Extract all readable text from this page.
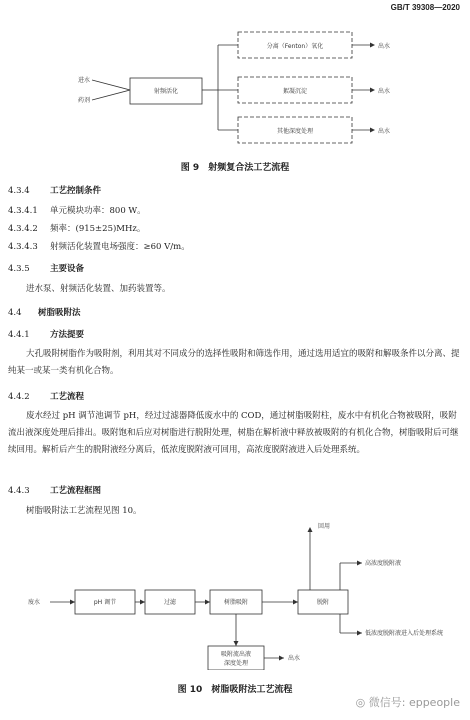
GB/T 39308—2020
进水
药剂
射频活化
分离（Fenton）氧化
絮凝沉淀
其他深度处理
出水
出水
出水
图 9　射频复合法工艺流程
4.3.4 工艺控制条件
4.3.4.1 单元模块功率：800 W。
4.3.4.2 频率：(915±25)MHz。
4.3.4.3 射频活化装置电场强度：≥60 V/m。
4.3.5 主要设备
进水泵、射频活化装置、加药装置等。
4.4 树脂吸附法
4.4.1 方法提要
大孔吸附树脂作为吸附剂，利用其对不同成分的选择性吸附和筛选作用，通过选用适宜的吸附和解吸条件以分离、提纯某一或某一类有机化合物。
4.4.2 工艺流程
废水经过 pH 调节池调节 pH，经过过滤器降低废水中的 COD，通过树脂吸附柱，废水中有机化合物被吸附，吸附流出液深度处理后排出。吸附饱和后应对树脂进行脱附处理，树脂在解析液中释放被吸附的有机化合物，树脂吸附后可继续回用。解析后产生的脱附液经分离后，低浓度脱附液可回用，高浓度脱附液进入后处理系统。
4.4.3 工艺流程框图
树脂吸附法工艺流程见图 10。
废水	pH 调节	过滤	树脂吸附	脱附
回用
高浓度脱附液
低浓度脱附液进入后处理系统
吸附流出液
深度处理
出水
图 10　树脂吸附法工艺流程
◎ 微信号: eppeople
